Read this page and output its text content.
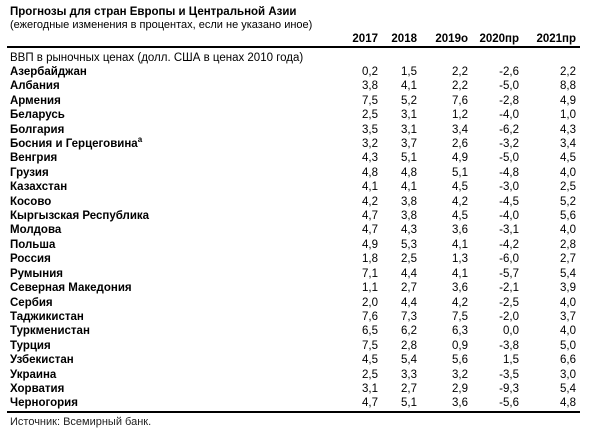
Прогнозы для стран Европы и Центральной Азии
(ежегодные изменения в процентах, если не указано иное)
2017	2018	2019о 2020пр	2021пр
ВВП в рыночных ценах (долл. США в ценах 2010 года)
Азербайджан	0,2	1,5	2,2	-2,6	2,2
Албания	3,8	4,1	2,2	-5,0	8,8
Армения	7,5	5,2	7,6	-2,8	4,9
Беларусь	2,5	3,1	1,2	-4,0	1,0
Болгария	3,5	3,1	3,4	-6,2	4,3
Босния и Герцеговина$^а$	3,2	3,7	2,6	-3,2	3,4
Венгрия	4,3	5,1	4,9	-5,0	4,5
Грузия	4,8	4,8	5,1	-4,8	4,0
Казахстан	4,1	4,1	4,5	-3,0	2,5
Косово	4,2	3,8	4,2	-4,5	5,2
Кыргызская Республика	4,7	3,8	4,5	-4,0	5,6
Молдова	4,7	4,3	3,6	-3,1	4,0
Польша	4,9	5,3	4,1	-4,2	2,8
Россия	1,8	2,5	1,3	-6,0	2,7
Румыния	7,1	4,4	4,1	-5,7	5,4
Северная Македония	1,1	2,7	3,6	-2,1	3,9
Сербия	2,0	4,4	4,2	-2,5	4,0
Таджикистан	7,6	7,3	7,5	-2,0	3,7
Туркменистан	6,5	6,2	6,3	0,0	4,0
Турция	7,5	2,8	0,9	-3,8	5,0
Узбекистан	4,5	5,4	5,6	1,5	6,6
Украина	2,5	3,3	3,2	-3,5	3,0
Хорватия	3,1	2,7	2,9	-9,3	5,4
Черногория	4,7	5,1	3,6	-5,6	4,8
Источник: Всемирный банк.
